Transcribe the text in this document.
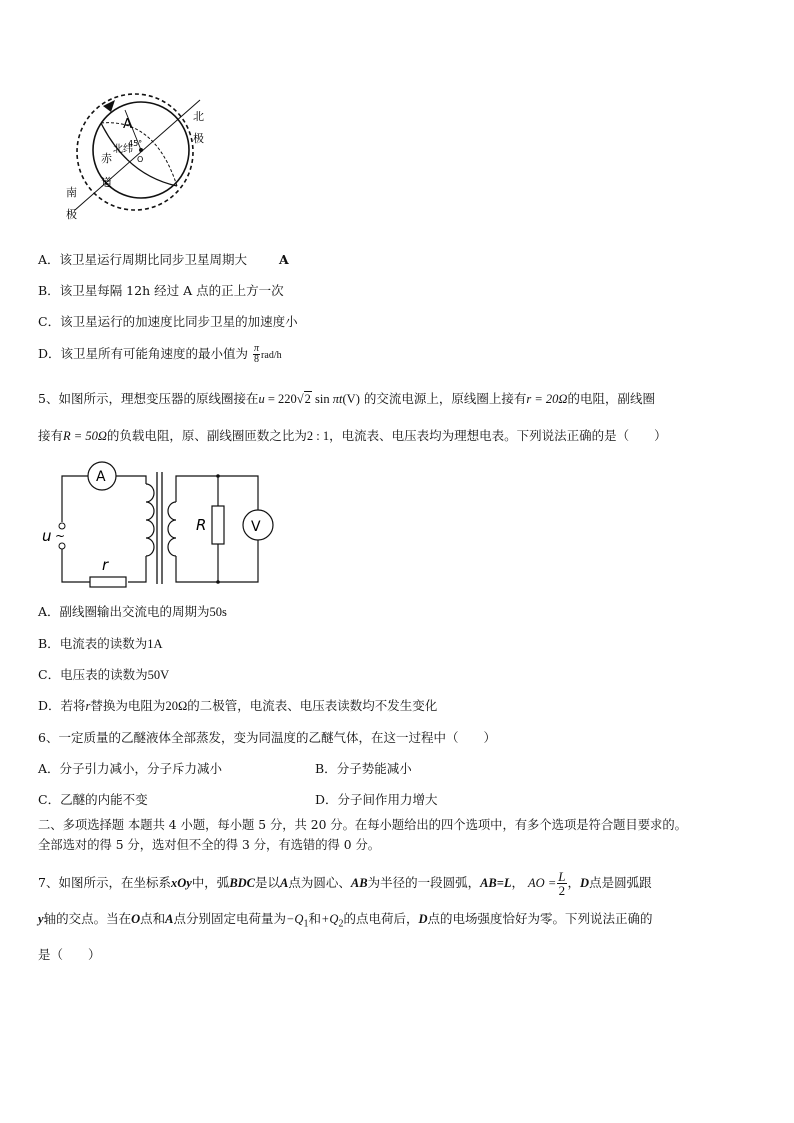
A
45°
O
赤
道
北纬
北
极
南
极
A．该卫星运行周期比同步卫星周期大	A
B．该卫星每隔 12h 经过 A 点的正上方一次
C．该卫星运行的加速度比同步卫星的加速度小
D．该卫星所有可能角速度的最小值为 $\frac{\pi}{8} rad/h$
5、如图所示，理想变压器的原线圈接在u = 220√2 sin πt(V) 的交流电源上，原线圈上接有r = 20Ω的电阻，副线圈
接有R = 50Ω的负载电阻，原、副线圈匝数之比为2 : 1，电流表、电压表均为理想电表。下列说法正确的是（　　）
A
u ~
r
V
R
A．副线圈输出交流电的周期为50s
B．电流表的读数为1A
C．电压表的读数为50V
D．若将r替换为电阻为20Ω的二极管，电流表、电压表读数均不发生变化
6、一定质量的乙醚液体全部蒸发，变为同温度的乙醚气体，在这一过程中（　　）
A．分子引力减小，分子斥力减小	B．分子势能减小
C．乙醚的内能不变	D．分子间作用力增大
二、多项选择题 本题共 4 小题，每小题 5 分，共 20 分。在每小题给出的四个选项中，有多个选项是符合题目要求的。
全部选对的得 5 分，选对但不全的得 3 分，有选错的得 0 分。
7、如图所示，在坐标系xOy中，弧BDC是以A点为圆心、AB为半径的一段圆弧，AB=L， AO = $\frac{L}{2}$ ，D点是圆弧跟
y轴的交点。当在O点和A点分别固定电荷量为$-Q_1$和$+Q_2$的点电荷后，D点的电场强度恰好为零。下列说法正确的
是（　　）
